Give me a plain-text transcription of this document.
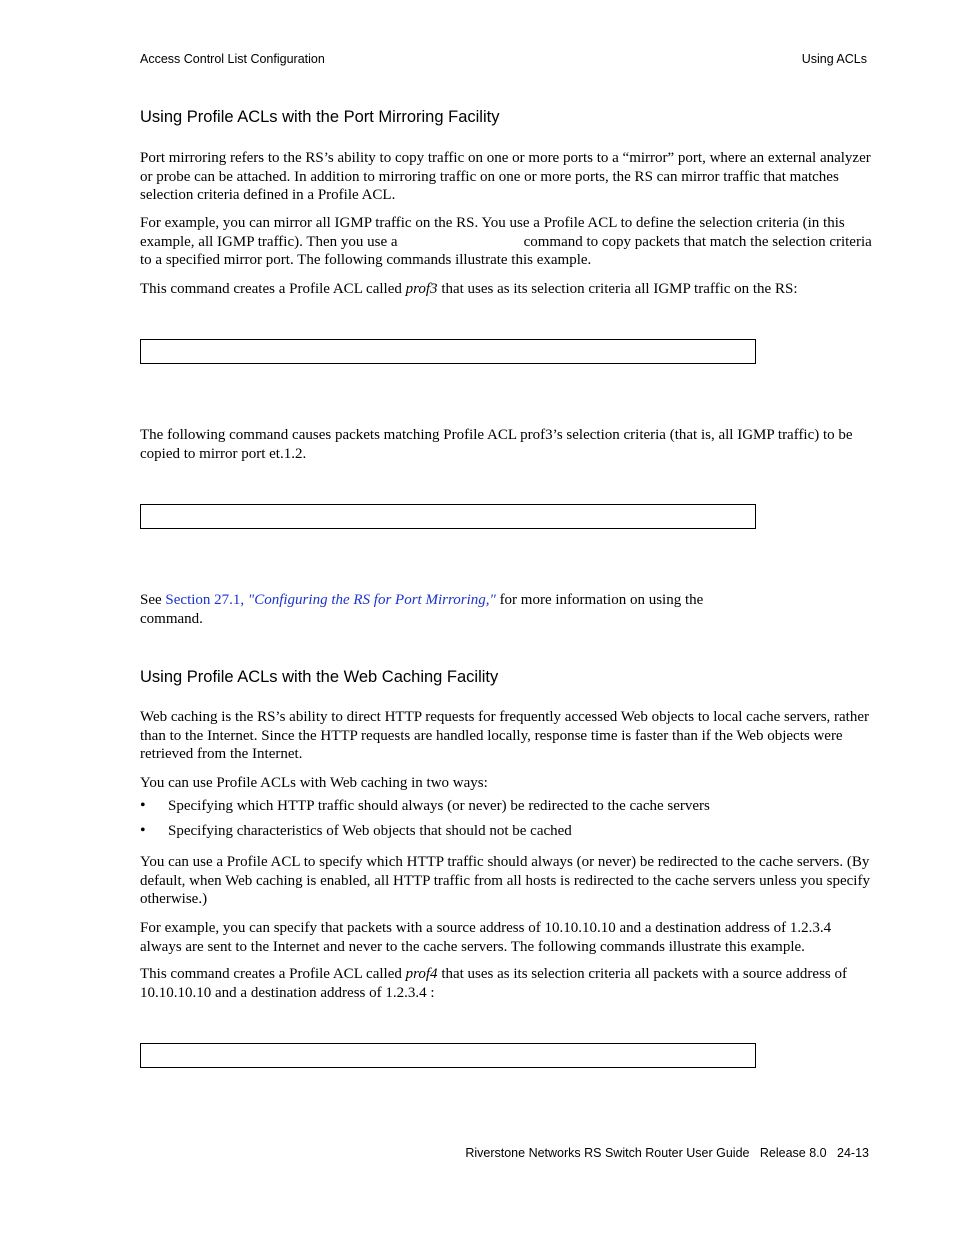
Access Control List Configuration	Using ACLs
Using Profile ACLs with the Port Mirroring Facility

Port mirroring refers to the RS’s ability to copy traffic on one or more ports to a “mirror” port, where an external analyzer or probe can be attached. In addition to mirroring traffic on one or more ports, the RS can mirror traffic that matches selection criteria defined in a Profile ACL.

For example, you can mirror all IGMP traffic on the RS. You use a Profile ACL to define the selection criteria (in this example, all IGMP traffic). Then you use a	command to copy packets that match the selection criteria to a specified mirror port. The following commands illustrate this example.

This command creates a Profile ACL called prof3 that uses as its selection criteria all IGMP traffic on the RS:

The following command causes packets matching Profile ACL prof3’s selection criteria (that is, all IGMP traffic) to be copied to mirror port et.1.2.

See Section 27.1, "Configuring the RS for Port Mirroring," for more information on using the
command.

Using Profile ACLs with the Web Caching Facility

Web caching is the RS’s ability to direct HTTP requests for frequently accessed Web objects to local cache servers, rather than to the Internet. Since the HTTP requests are handled locally, response time is faster than if the Web objects were retrieved from the Internet.

You can use Profile ACLs with Web caching in two ways:

• Specifying which HTTP traffic should always (or never) be redirected to the cache servers
• Specifying characteristics of Web objects that should not be cached

You can use a Profile ACL to specify which HTTP traffic should always (or never) be redirected to the cache servers. (By default, when Web caching is enabled, all HTTP traffic from all hosts is redirected to the cache servers unless you specify otherwise.)

For example, you can specify that packets with a source address of 10.10.10.10 and a destination address of 1.2.3.4 always are sent to the Internet and never to the cache servers. The following commands illustrate this example.

This command creates a Profile ACL called prof4 that uses as its selection criteria all packets with a source address of 10.10.10.10 and a destination address of 1.2.3.4 :

Riverstone Networks RS Switch Router User Guide   Release 8.0   24-13
